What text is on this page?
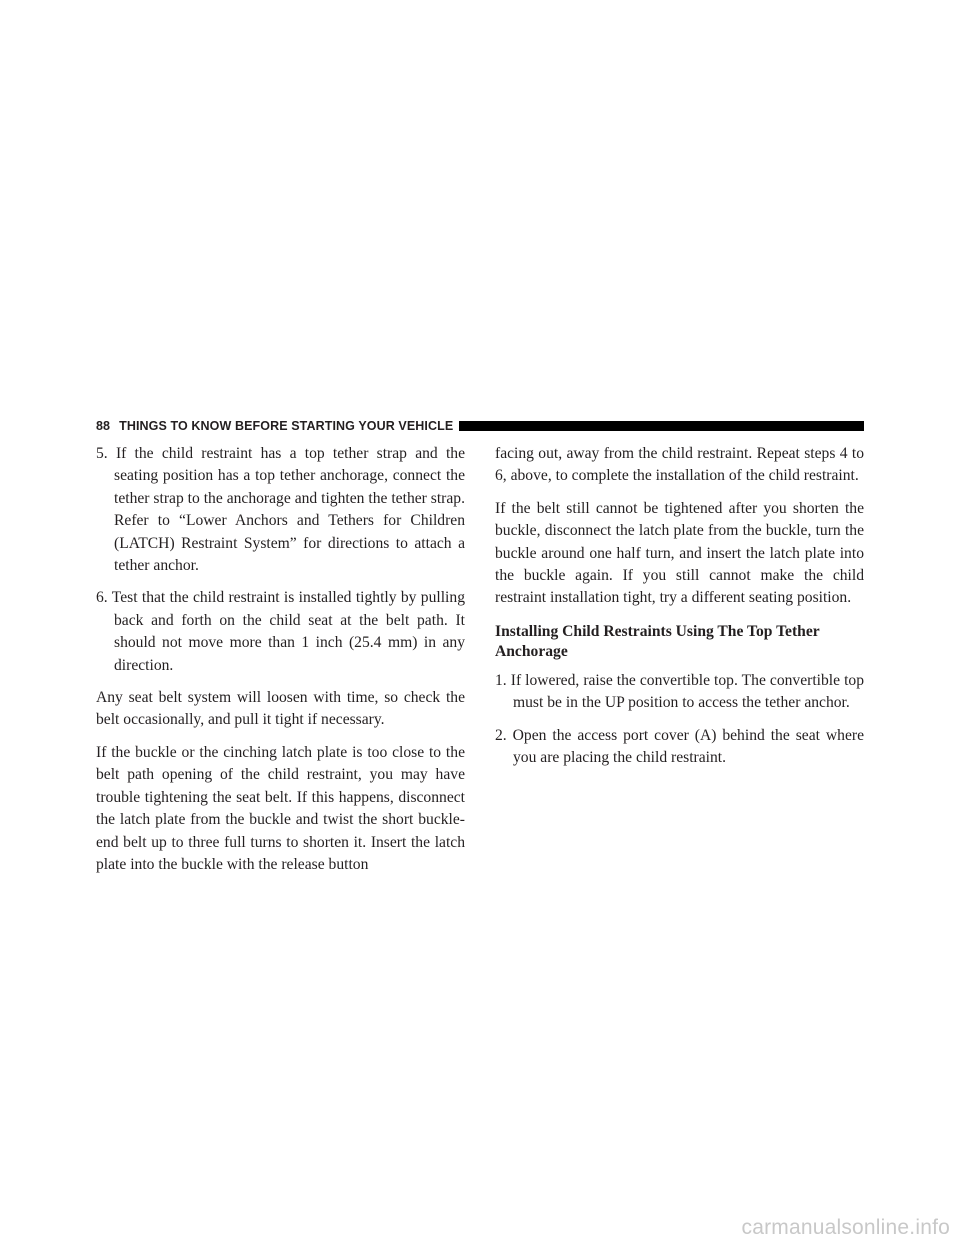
88 THINGS TO KNOW BEFORE STARTING YOUR VEHICLE
5. If the child restraint has a top tether strap and the seating position has a top tether anchorage, connect the tether strap to the anchorage and tighten the tether strap. Refer to “Lower Anchors and Tethers for Children (LATCH) Restraint System” for directions to attach a tether anchor.
6. Test that the child restraint is installed tightly by pulling back and forth on the child seat at the belt path. It should not move more than 1 inch (25.4 mm) in any direction.

Any seat belt system will loosen with time, so check the belt occasionally, and pull it tight if necessary.

If the buckle or the cinching latch plate is too close to the belt path opening of the child restraint, you may have trouble tightening the seat belt. If this happens, disconnect the latch plate from the buckle and twist the short buckle-end belt up to three full turns to shorten it. Insert the latch plate into the buckle with the release button

facing out, away from the child restraint. Repeat steps 4 to 6, above, to complete the installation of the child restraint.

If the belt still cannot be tightened after you shorten the buckle, disconnect the latch plate from the buckle, turn the buckle around one half turn, and insert the latch plate into the buckle again. If you still cannot make the child restraint installation tight, try a different seating position.

Installing Child Restraints Using The Top Tether Anchorage
1. If lowered, raise the convertible top. The convertible top must be in the UP position to access the tether anchor.
2. Open the access port cover (A) behind the seat where you are placing the child restraint.
carmanualsonline.info
